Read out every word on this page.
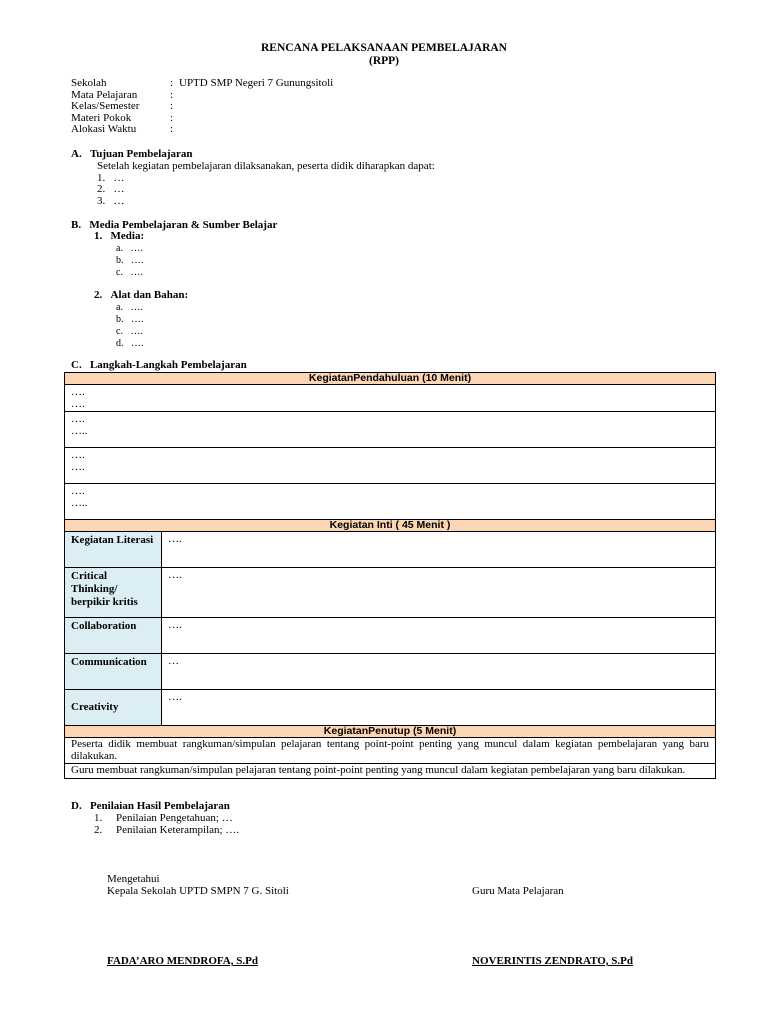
RENCANA PELAKSANAAN PEMBELAJARAN
(RPP)
Sekolah	: UPTD SMP Negeri 7 Gunungsitoli
Mata Pelajaran	:
Kelas/Semester	:
Materi Pokok	:
Alokasi Waktu	:
A.   Tujuan Pembelajaran
Setelah kegiatan pembelajaran dilaksanakan, peserta didik diharapkan dapat:
1.   …
2.   …
3.   …
B.   Media Pembelajaran & Sumber Belajar
1.   Media:
a.   ….
b.   ….
c.   ….
2.   Alat dan Bahan:
a.   ….
b.   ….
c.   ….
d.   ….
C.   Langkah-Langkah Pembelajaran
KegiatanPendahuluan (10 Menit)	

….
….	

….
…..	

….
….	

….
…..	

Kegiatan Inti ( 45 Menit )	
Kegiatan Literasi	….
Critical Thinking/ berpikir kritis	….
Collaboration	….
Communication	…
Creativity	….
KegiatanPenutup (5 Menit)	
Peserta didik membuat rangkuman/simpulan pelajaran tentang point-point penting yang muncul dalam kegiatan pembelajaran yang baru dilakukan.	
Guru membuat rangkuman/simpulan pelajaran tentang point-point penting yang muncul dalam kegiatan pembelajaran yang baru dilakukan.	
D.   Penilaian Hasil Pembelajaran
1.     Penilaian Pengetahuan; …
2.     Penilaian Keterampilan; ….
Mengetahui
Kepala Sekolah UPTD SMPN 7 G. Sitoli	Guru Mata Pelajaran
FADA’ARO MENDROFA, S.Pd	NOVERINTIS ZENDRATO, S.Pd
